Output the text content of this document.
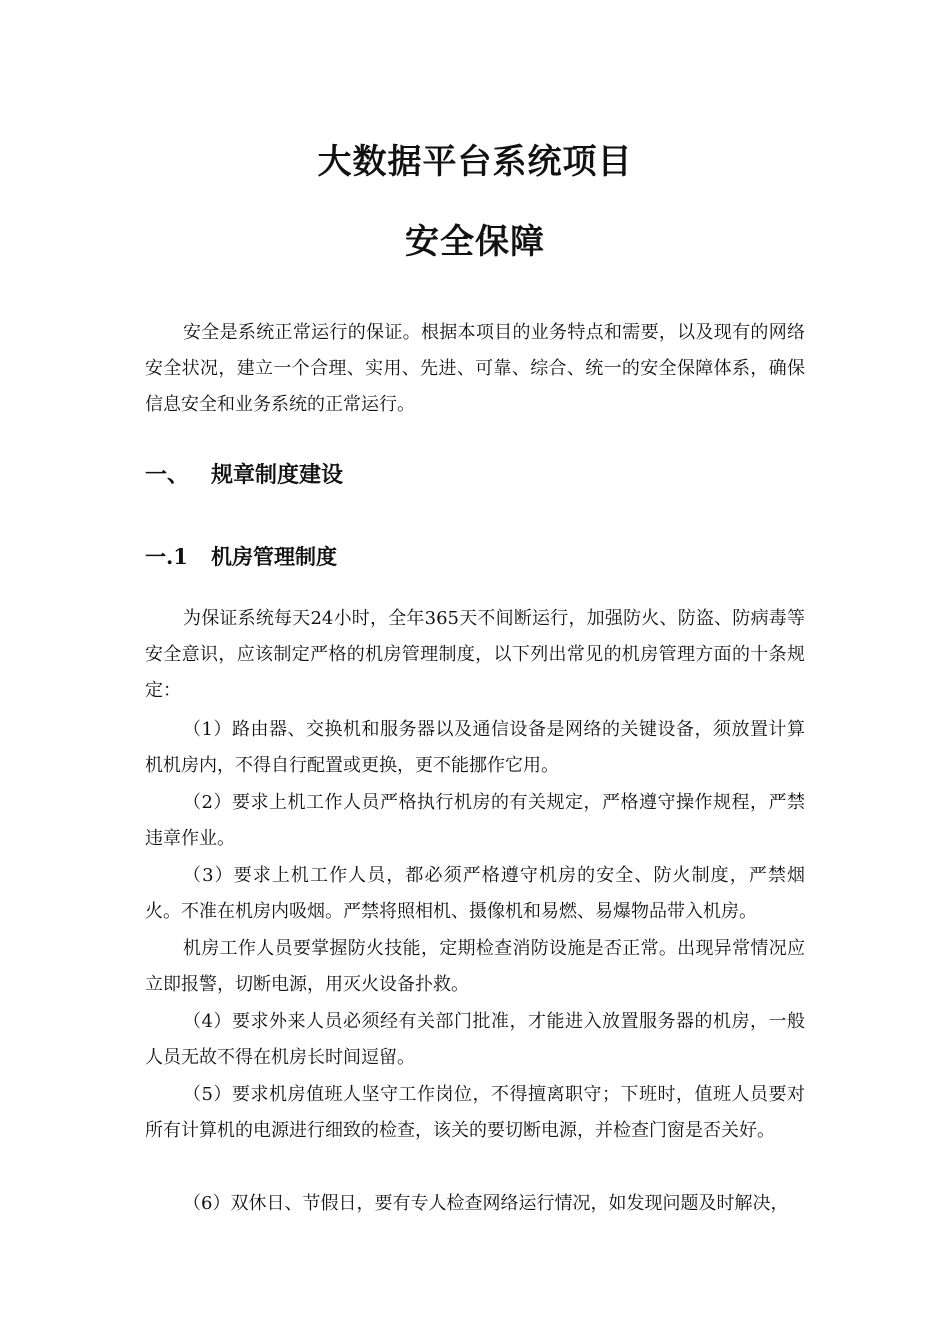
大数据平台系统项目
安全保障

安全是系统正常运行的保证。根据本项目的业务特点和需要，以及现有的网络安全状况，建立一个合理、实用、先进、可靠、综合、统一的安全保障体系，确保信息安全和业务系统的正常运行。

一、 规章制度建设
一.1 机房管理制度

为保证系统每天24小时，全年365天不间断运行，加强防火、防盗、防病毒等安全意识，应该制定严格的机房管理制度，以下列出常见的机房管理方面的十条规定：

（1）路由器、交换机和服务器以及通信设备是网络的关键设备，须放置计算机机房内，不得自行配置或更换，更不能挪作它用。

（2）要求上机工作人员严格执行机房的有关规定，严格遵守操作规程，严禁违章作业。

（3）要求上机工作人员，都必须严格遵守机房的安全、防火制度，严禁烟火。不准在机房内吸烟。严禁将照相机、摄像机和易燃、易爆物品带入机房。

机房工作人员要掌握防火技能，定期检查消防设施是否正常。出现异常情况应立即报警，切断电源，用灭火设备扑救。

（4）要求外来人员必须经有关部门批准，才能进入放置服务器的机房，一般人员无故不得在机房长时间逗留。

（5）要求机房值班人坚守工作岗位，不得擅离职守；下班时，值班人员要对所有计算机的电源进行细致的检查，该关的要切断电源，并检查门窗是否关好。

（6）双休日、节假日，要有专人检查网络运行情况，如发现问题及时解决，
